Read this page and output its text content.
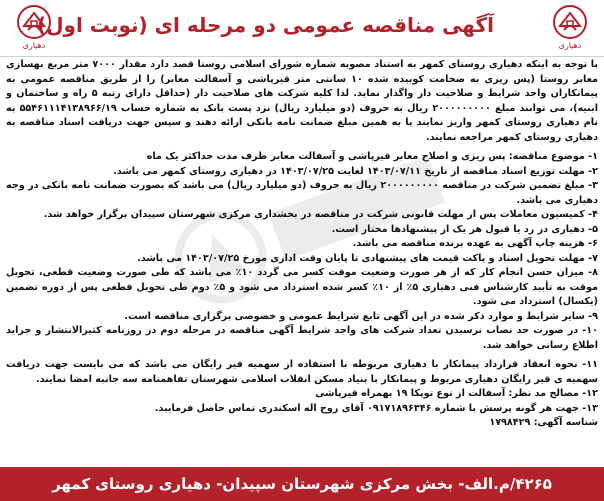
دهیاری
آگهی مناقصه عمومی دو مرحله ای (نوبت اول)
دهیاری

با توجه به اینکه دهیاری روستای کمهر به استناد مصوبه شماره شورای اسلامی روستا قصد دارد مقدار ۷۰۰۰ متر مربع بهسازی معابر روستا (پس ریزی به ضخامت کوبیده شده ۱۰ سانتی متر قیرپاشی و آسفالت معابر) را از طریق مناقصه عمومی به پیمانکاران واجد شرایط و صلاحیت دار واگذار نماید. لذا کلیه شرکت های صلاحیت دار (حداقل دارای رتبه ۵ راه و ساختمان و ابنیه)، می توانند مبلغ ۲۰۰۰۰۰۰۰۰۰ ریال به حروف (دو میلیارد ریال) نزد پست بانک به شماره حساب ۵۵۴۶۱۱۱۴۱۳۸۹۶۶/۱۹ به نام دهیاری روستای کمهر واریز نمایند یا به همین مبلغ ضمانت نامه بانکی ارائه دهند و سپس جهت دریافت اسناد مناقصه به دهیاری روستای کمهر مراجعه نمایند.

۱- موضوع مناقصه: پس ریزی و اصلاح معابر قیرپاشی و آسفالت معابر ظرف مدت حداکثر یک ماه

۲- مهلت توزیع اسناد مناقصه از تاریخ ۱۴۰۳/۰۷/۱۱ لغایت ۱۴۰۳/۰۷/۲۵ در دهیاری روستای کمهر می باشد.

۳- مبلغ تضمین شرکت در مناقصه ۲۰۰۰۰۰۰۰۰۰ ریال به حروف (دو میلیارد ریال) می باشد که بصورت ضمانت نامه بانکی در وجه دهیاری می باشد.

۴- کمیسیون معاملات پس از مهلت قانونی شرکت در مناقصه در بخشداری مرکزی شهرستان سپیدان برگزار خواهد شد.

۵- دهیاری در رد یا قبول هر یک از پیشنهادها مختار است.

۶- هزینه چاپ آگهی به عهده برنده مناقصه می باشد.

۷- مهلت تحویل اسناد و پاکت قیمت های پیشنهادی تا پایان وقت اداری مورخ ۱۴۰۳/۰۷/۲۵ می باشد.

۸- میزان حسن انجام کار که از هر صورت وضعیت موقت کسر می گردد ۱۰٪ می باشد که طی صورت وضعیت قطعی، تحویل موقت به تأیید کارشناس فنی دهیاری ۵٪ از ۱۰٪ کسر شده استرداد می شود و ۵٪ دوم طی تحویل قطعی پس از دوره تضمین (یکسال) استرداد می شود.

۹- سایر شرایط و موارد ذکر شده در این آگهی تابع شرایط عمومی و خصوصی برگزاری مناقصه است.

۱۰- در صورت حد نصاب نرسیدن تعداد شرکت های واجد شرایط آگهی مناقصه در مرحله دوم در روزنامه کثیرالانتشار و جراید اطلاع رسانی خواهد شد.

۱۱- نحوه انعقاد قرارداد پیمانکار با دهیاری مربوطه با استفاده از سهمیه قیر رایگان می باشد که می بایست جهت دریافت سهمیه ی قیر رایگان دهیاری مربوط و پیمانکار با بنیاد مسکن انقلاب اسلامی شهرستان تفاهمنامه سه جانبه امضا نمایند.

۱۲- مصالح مد نظر: آسفالت از نوع توپکا ۱۹ بهمراه قیرپاشی

۱۳- جهت هر گونه پرسش با شماره ۰۹۱۷۱۸۹۶۳۴۶ آقای روح اله اسکندری تماس حاصل فرمایید.

شناسه آگهی: ۱۷۹۸۴۲۹

۴۲۶۵/م.الف- بخش مرکزی شهرستان سپیدان- دهیاری روستای کمهر
